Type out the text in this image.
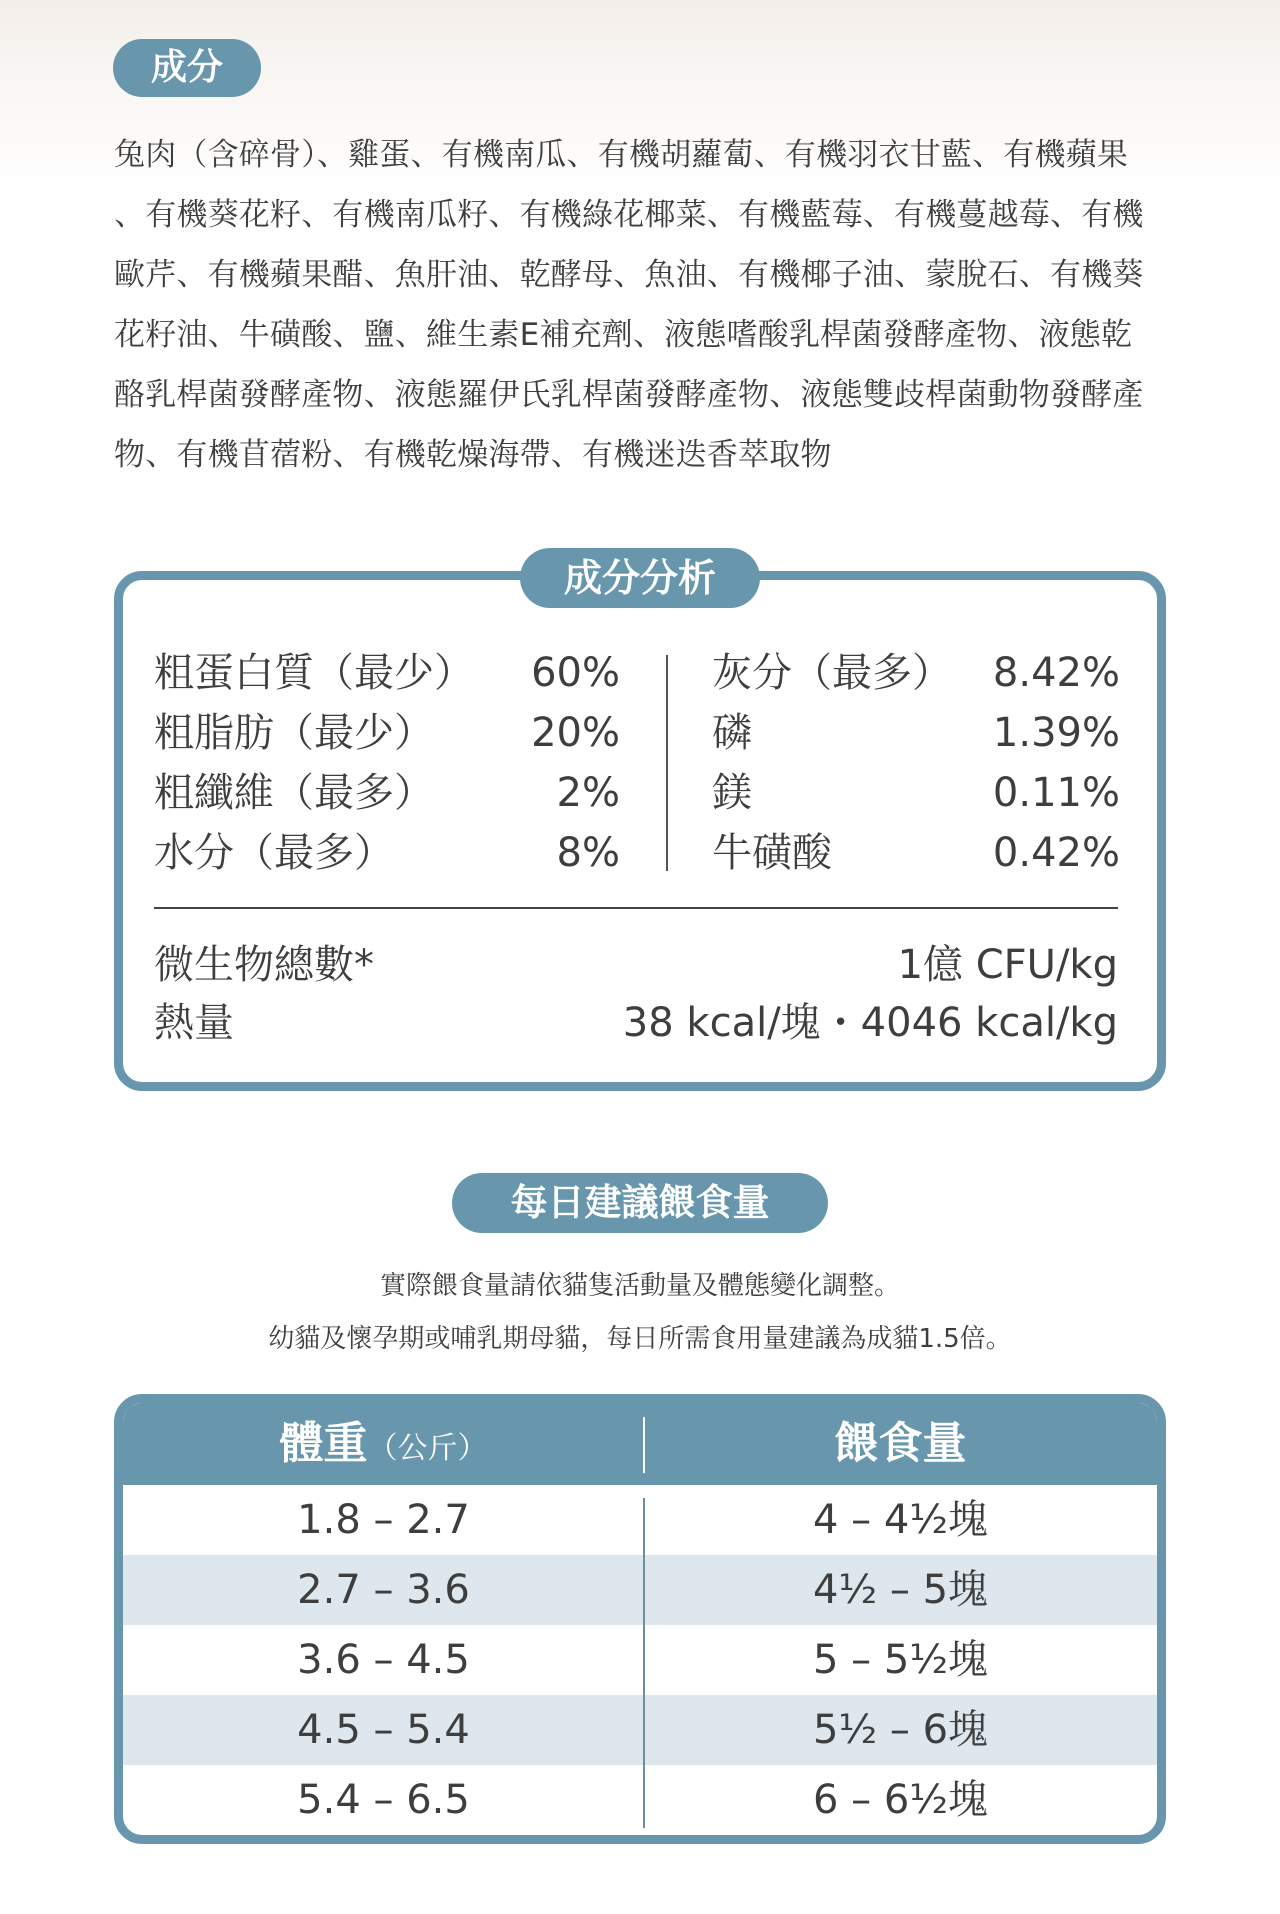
成分
兔肉（含碎骨）、雞蛋、有機南瓜、有機胡蘿蔔、有機羽衣甘藍、有機蘋果
、有機葵花籽、有機南瓜籽、有機綠花椰菜、有機藍莓、有機蔓越莓、有機
歐芹、有機蘋果醋、魚肝油、乾酵母、魚油、有機椰子油、蒙脫石、有機葵
花籽油、牛磺酸、鹽、維生素E補充劑、液態嗜酸乳桿菌發酵產物、液態乾
酪乳桿菌發酵產物、液態羅伊氏乳桿菌發酵產物、液態雙歧桿菌動物發酵產
物、有機苜蓿粉、有機乾燥海帶、有機迷迭香萃取物
成分分析
粗蛋白質（最少） 60%
粗脂肪（最少） 20%
粗纖維（最多）	2%
水分（最多）	8%
灰分（最多） 8.42%
磷	1.39%
鎂	0.11%
牛磺酸	0.42%
微生物總數*	1億 CFU/kg
熱量	38 kcal/塊・4046 kcal/kg
每日建議餵食量
實際餵食量請依貓隻活動量及體態變化調整。
幼貓及懷孕期或哺乳期母貓，每日所需食用量建議為成貓1.5倍。
體重（公斤）	餵食量
1.8 – 2.7	4 – 4½塊
2.7 – 3.6	4½ – 5塊
3.6 – 4.5	5 – 5½塊
4.5 – 5.4	5½ – 6塊
5.4 – 6.5	6 – 6½塊
